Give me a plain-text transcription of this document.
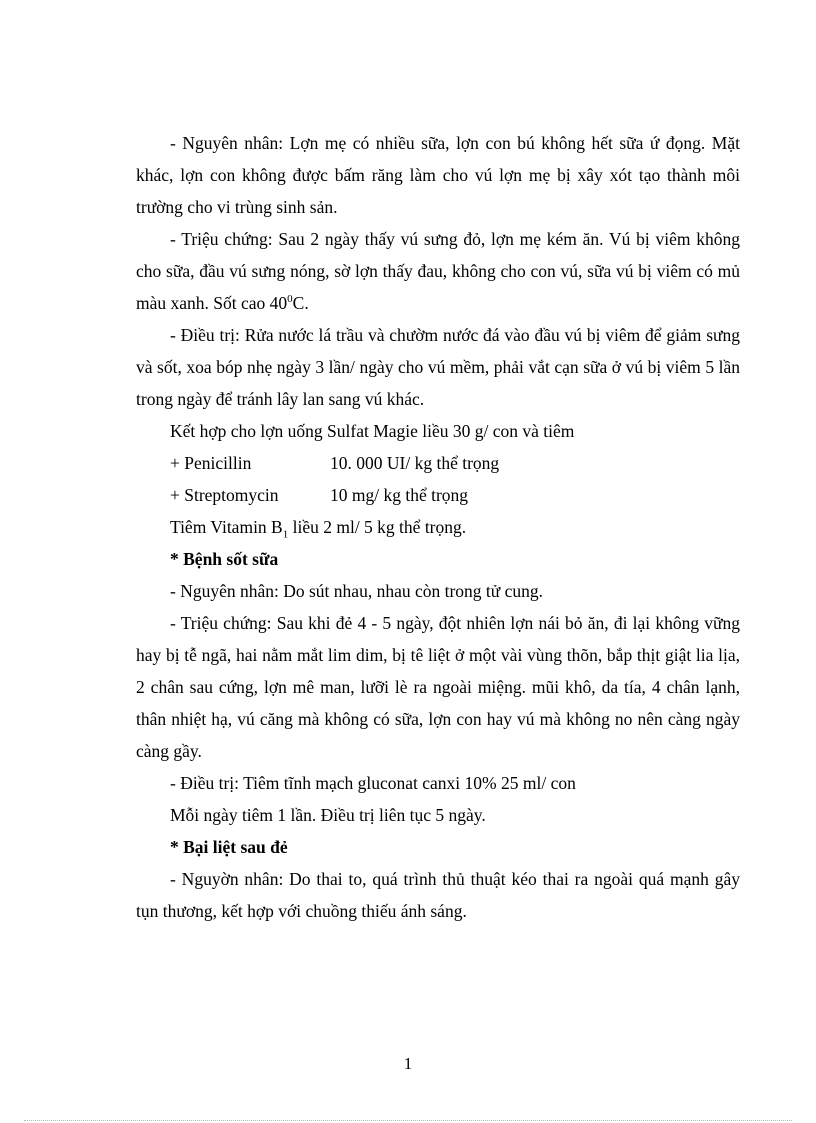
- Nguyên nhân: Lợn mẹ có nhiều sữa, lợn con bú không hết sữa ứ đọng. Mặt khác, lợn con không được bấm răng làm cho vú lợn mẹ bị xây xót tạo thành môi trường cho vi trùng sinh sản.

- Triệu chứng: Sau 2 ngày thấy vú sưng đỏ, lợn mẹ kém ăn. Vú bị viêm không cho sữa, đầu vú sưng nóng, sờ lợn thấy đau, không cho con vú, sữa vú bị viêm có mủ màu xanh. Sốt cao $40^0C$.

- Điều trị: Rửa nước lá trầu và chườm nước đá vào đầu vú bị viêm để giảm sưng và sốt, xoa bóp nhẹ ngày 3 lần/ ngày cho vú mềm, phải vắt cạn sữa ở vú bị viêm 5 lần trong ngày để tránh lây lan sang vú khác.

Kết hợp cho lợn uống Sulfat Magie liều 30 g/ con và tiêm

+ Penicillin	10. 000 UI/ kg thể trọng

+ Streptomycin	10 mg/ kg thể trọng

Tiêm Vitamin $B_1$ liều 2 ml/ 5 kg thể trọng.

* Bệnh sốt sữa

- Nguyên nhân: Do sút nhau, nhau còn trong tử cung.

- Triệu chứng: Sau khi đẻ 4 - 5 ngày, đột nhiên lợn nái bỏ ăn, đi lại không vững hay bị tễ ngã, hai nằm mắt lim dim, bị tê liệt ở một vài vùng thõn, bắp thịt giật lia lịa, 2 chân sau cứng, lợn mê man, lưỡi lè ra ngoài miệng. mũi khô, da tía, 4 chân lạnh, thân nhiệt hạ, vú căng mà không có sữa, lợn con hay vú mà không no nên càng ngày càng gầy.

- Điều trị: Tiêm tĩnh mạch gluconat canxi 10% 25 ml/ con

Mỗi ngày tiêm 1 lần. Điều trị liên tục 5 ngày.

* Bại liệt sau đẻ

- Nguyờn nhân: Do thai to, quá trình thủ thuật kéo thai ra ngoài quá mạnh gây tụn thương, kết hợp với chuồng thiếu ánh sáng.

1
